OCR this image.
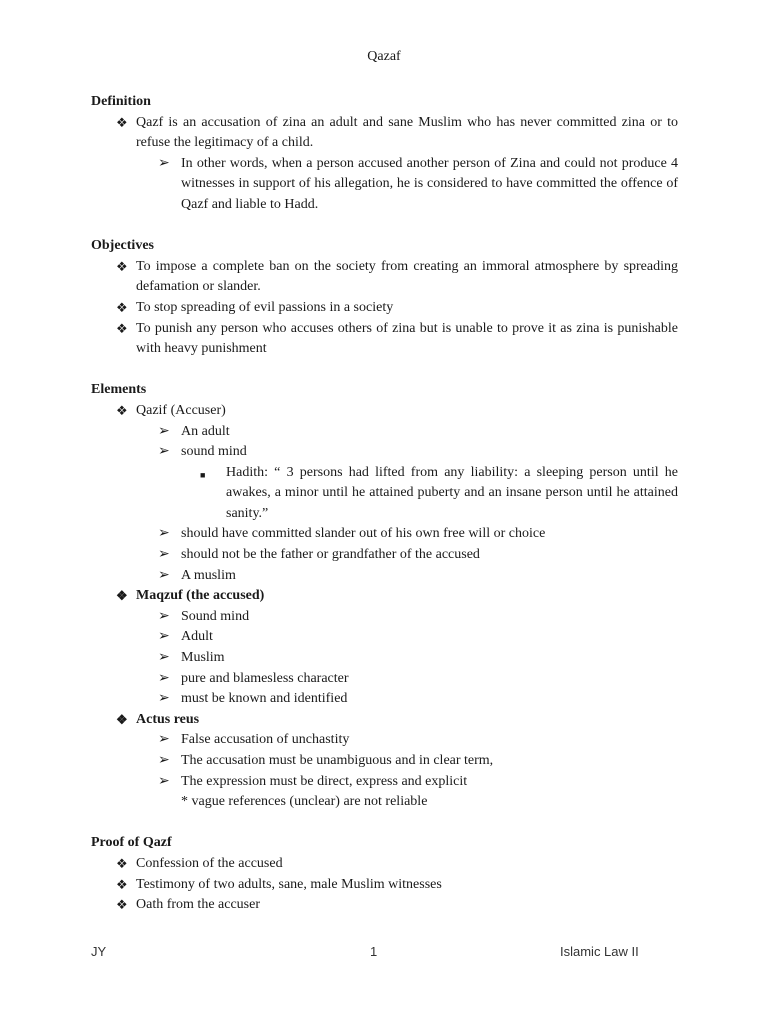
Qazaf
Definition
❖ Qazf is an accusation of zina an adult and sane Muslim who has never committed zina or to refuse the legitimacy of a child.
➢ In other words, when a person accused another person of Zina and could not produce 4 witnesses in support of his allegation, he is considered to have committed the offence of Qazf and liable to Hadd.
Objectives
❖ To impose a complete ban on the society from creating an immoral atmosphere by spreading defamation or slander.
❖ To stop spreading of evil passions in a society
❖ To punish any person who accuses others of zina but is unable to prove it as zina is punishable with heavy punishment
Elements
❖ Qazif (Accuser)
➢ An adult
➢ sound mind
■ Hadith: “ 3 persons had lifted from any liability: a sleeping person until he awakes, a minor until he attained puberty and an insane person until he attained sanity.”
➢ should have committed slander out of his own free will or choice
➢ should not be the father or grandfather of the accused
➢ A muslim
❖ Maqzuf (the accused)
➢ Sound mind
➢ Adult
➢ Muslim
➢ pure and blamesless character
➢ must be known and identified
❖ Actus reus
➢ False accusation of unchastity
➢ The accusation must be unambiguous and in clear term,
➢ The expression must be direct, express and explicit
* vague references (unclear) are not reliable
Proof of Qazf
❖ Confession of the accused
❖ Testimony of two adults, sane, male Muslim witnesses
❖ Oath from the accuser
JY	1	Islamic Law II
